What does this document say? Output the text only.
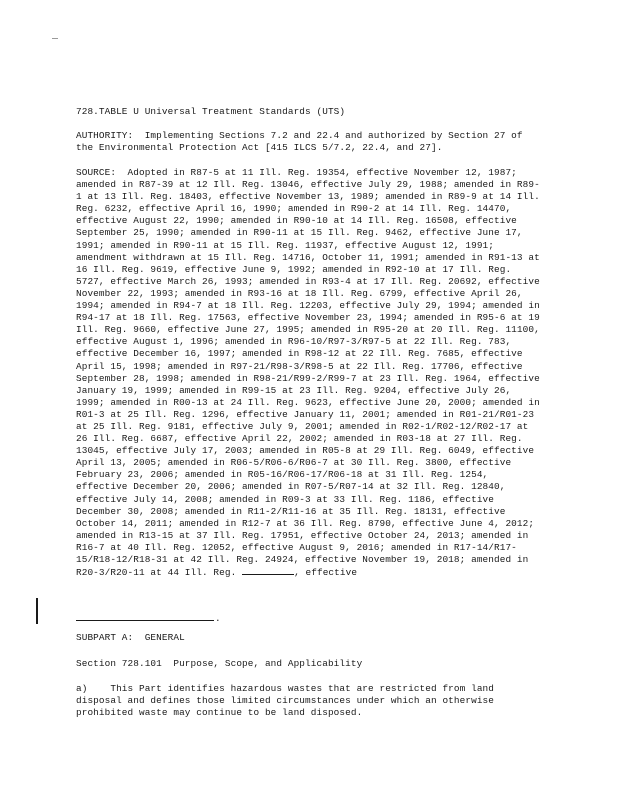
728.TABLE U Universal Treatment Standards (UTS)

AUTHORITY:  Implementing Sections 7.2 and 22.4 and authorized by Section 27 of the Environmental Protection Act [415 ILCS 5/7.2, 22.4, and 27].

SOURCE:  Adopted in R87-5 at 11 Ill. Reg. 19354, effective November 12, 1987; amended in R87-39 at 12 Ill. Reg. 13046, effective July 29, 1988; amended in R89-1 at 13 Ill. Reg. 18403, effective November 13, 1989; amended in R89-9 at 14 Ill. Reg. 6232, effective April 16, 1990; amended in R90-2 at 14 Ill. Reg. 14470, effective August 22, 1990; amended in R90-10 at 14 Ill. Reg. 16508, effective September 25, 1990; amended in R90-11 at 15 Ill. Reg. 9462, effective June 17, 1991; amended in R90-11 at 15 Ill. Reg. 11937, effective August 12, 1991; amendment withdrawn at 15 Ill. Reg. 14716, October 11, 1991; amended in R91-13 at 16 Ill. Reg. 9619, effective June 9, 1992; amended in R92-10 at 17 Ill. Reg. 5727, effective March 26, 1993; amended in R93-4 at 17 Ill. Reg. 20692, effective November 22, 1993; amended in R93-16 at 18 Ill. Reg. 6799, effective April 26, 1994; amended in R94-7 at 18 Ill. Reg. 12203, effective July 29, 1994; amended in R94-17 at 18 Ill. Reg. 17563, effective November 23, 1994; amended in R95-6 at 19 Ill. Reg. 9660, effective June 27, 1995; amended in R95-20 at 20 Ill. Reg. 11100, effective August 1, 1996; amended in R96-10/R97-3/R97-5 at 22 Ill. Reg. 783, effective December 16, 1997; amended in R98-12 at 22 Ill. Reg. 7685, effective April 15, 1998; amended in R97-21/R98-3/R98-5 at 22 Ill. Reg. 17706, effective September 28, 1998; amended in R98-21/R99-2/R99-7 at 23 Ill. Reg. 1964, effective January 19, 1999; amended in R99-15 at 23 Ill. Reg. 9204, effective July 26, 1999; amended in R00-13 at 24 Ill. Reg. 9623, effective June 20, 2000; amended in R01-3 at 25 Ill. Reg. 1296, effective January 11, 2001; amended in R01-21/R01-23 at 25 Ill. Reg. 9181, effective July 9, 2001; amended in R02-1/R02-12/R02-17 at 26 Ill. Reg. 6687, effective April 22, 2002; amended in R03-18 at 27 Ill. Reg. 13045, effective July 17, 2003; amended in R05-8 at 29 Ill. Reg. 6049, effective April 13, 2005; amended in R06-5/R06-6/R06-7 at 30 Ill. Reg. 3800, effective February 23, 2006; amended in R05-16/R06-17/R06-18 at 31 Ill. Reg. 1254, effective December 20, 2006; amended in R07-5/R07-14 at 32 Ill. Reg. 12840, effective July 14, 2008; amended in R09-3 at 33 Ill. Reg. 1186, effective December 30, 2008; amended in R11-2/R11-16 at 35 Ill. Reg. 18131, effective October 14, 2011; amended in R12-7 at 36 Ill. Reg. 8790, effective June 4, 2012; amended in R13-15 at 37 Ill. Reg. 17951, effective October 24, 2013; amended in R16-7 at 40 Ill. Reg. 12052, effective August 9, 2016; amended in R17-14/R17-15/R18-12/R18-31 at 42 Ill. Reg. 24924, effective November 19, 2018; amended in R20-3/R20-11 at 44 Ill. Reg.	, effective

.
SUBPART A:  GENERAL
Section 728.101  Purpose, Scope, and Applicability

a)    This Part identifies hazardous wastes that are restricted from land disposal and defines those limited circumstances under which an otherwise prohibited waste may continue to be land disposed.
